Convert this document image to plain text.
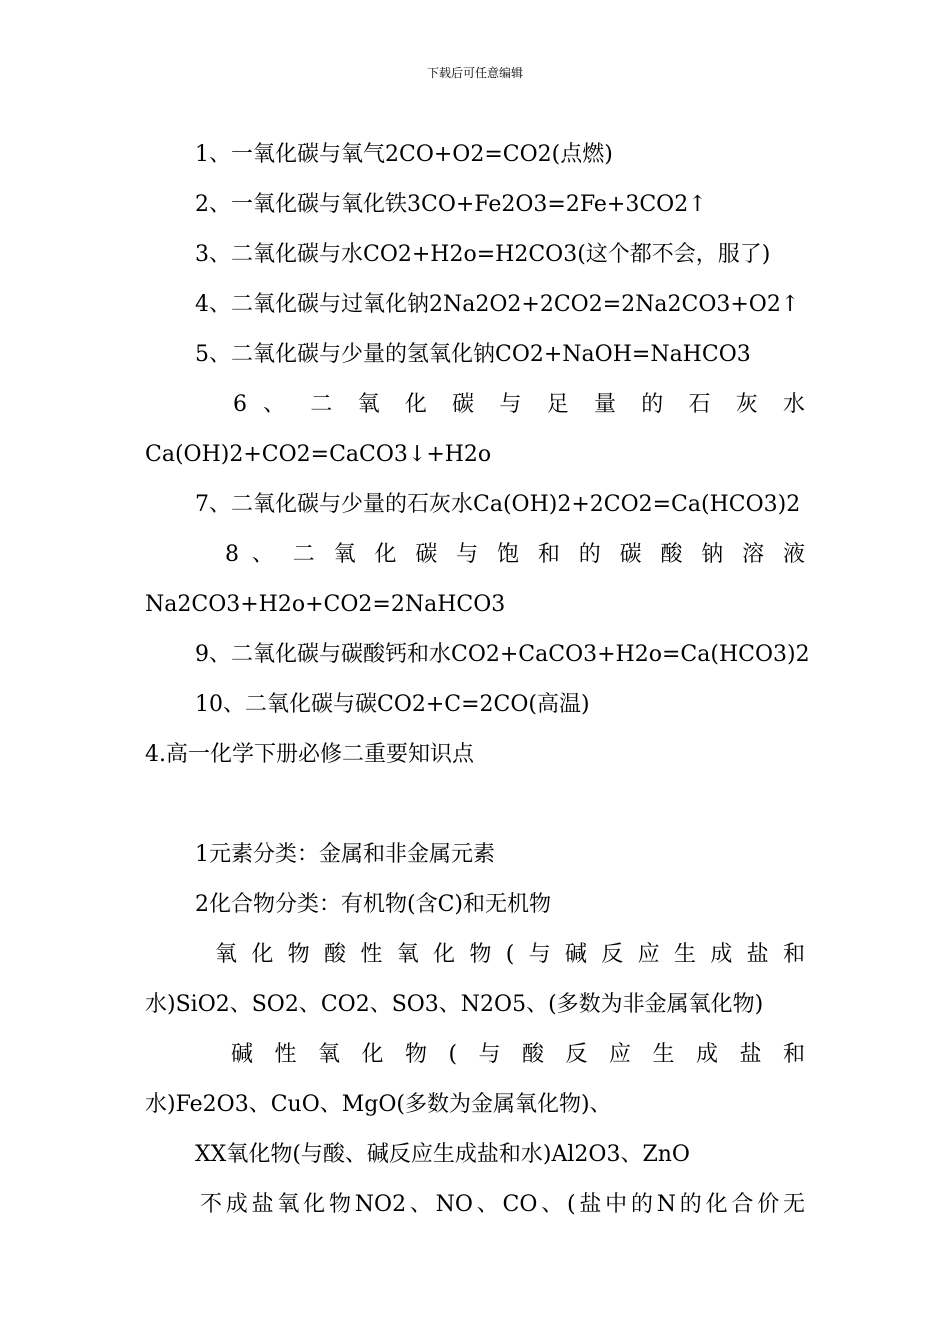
下载后可任意编辑
1、一氧化碳与氧气2CO+O2=CO2(点燃)
2、一氧化碳与氧化铁3CO+Fe2O3=2Fe+3CO2↑
3、二氧化碳与水CO2+H2o=H2CO3(这个都不会，服了)
4、二氧化碳与过氧化钠2Na2O2+2CO2=2Na2CO3+O2↑
5、二氧化碳与少量的氢氧化钠CO2+NaOH=NaHCO3
6 、 二 氧 化 碳 与 足 量 的 石 灰 水
Ca(OH)2+CO2=CaCO3↓+H2o
7、二氧化碳与少量的石灰水Ca(OH)2+2CO2=Ca(HCO3)2
8 、 二 氧 化 碳 与 饱 和 的 碳 酸 钠 溶 液
Na2CO3+H2o+CO2=2NaHCO3
9、二氧化碳与碳酸钙和水CO2+CaCO3+H2o=Ca(HCO3)2
10、二氧化碳与碳CO2+C=2CO(高温)
4.高一化学下册必修二重要知识点
1元素分类：金属和非金属元素
2化合物分类：有机物(含C)和无机物
氧化物酸性氧化物(与碱反应生成盐和
水)SiO2、SO2、CO2、SO3、N2O5、(多数为非金属氧化物)
碱性氧化物(与酸反应生成盐和
水)Fe2O3、CuO、MgO(多数为金属氧化物)、
XX氧化物(与酸、碱反应生成盐和水)Al2O3、ZnO
不成盐氧化物NO2、NO、CO、(盐中的N的化合价无
